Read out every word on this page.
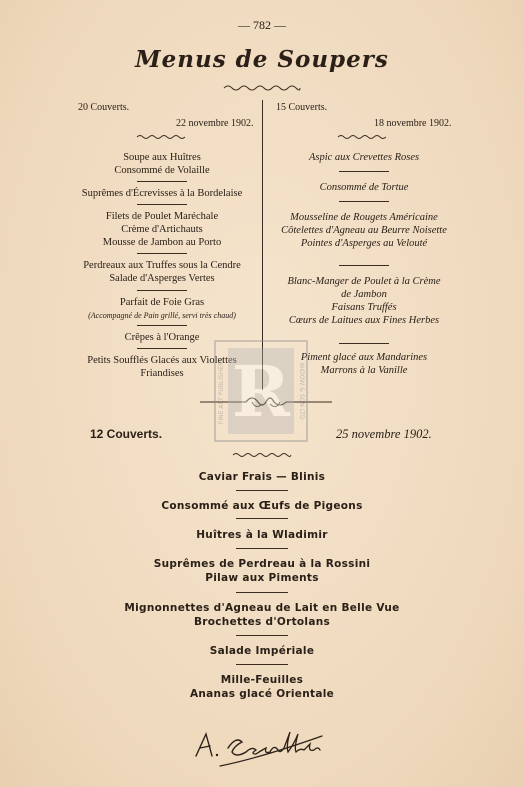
— 782 —
Menus de Soupers
20 Couverts.
22 novembre 1902.
15 Couverts.
18 novembre 1902.
Soupe aux Huîtres
Consommé de Volaille
Suprêmes d'Écrevisses à la Bordelaise
Filets de Poulet Maréchale
Crème d'Artichauts
Mousse de Jambon au Porto
Perdreaux aux Truffes sous la Cendre
Salade d'Asperges Vertes
Parfait de Foie Gras
(Accompagné de Pain grillé, servi très chaud)
Crêpes à l'Orange
Petits Soufflés Glacés aux Violettes
Friandises
Aspic aux Crevettes Roses
Consommé de Tortue
Mousseline de Rougets Américaine
Côtelettes d'Agneau au Beurre Noisette
Pointes d'Asperges au Velouté
Blanc-Manger de Poulet à la Crème
de Jambon
Faisans Truffés
Cœurs de Laitues aux Fines Herbes
Piment glacé aux Mandarines
Marrons à la Vanille
R
FINE ART PUBLISHERS	WIDOW & SON LTD
12 Couverts.	25 novembre 1902.
Caviar Frais — Blinis
Consommé aux Œufs de Pigeons
Huîtres à la Wladimir
Suprêmes de Perdreau à la Rossini
Pilaw aux Piments
Mignonnettes d'Agneau de Lait en Belle Vue
Brochettes d'Ortolans
Salade Impériale
Mille-Feuilles
Ananas glacé Orientale
